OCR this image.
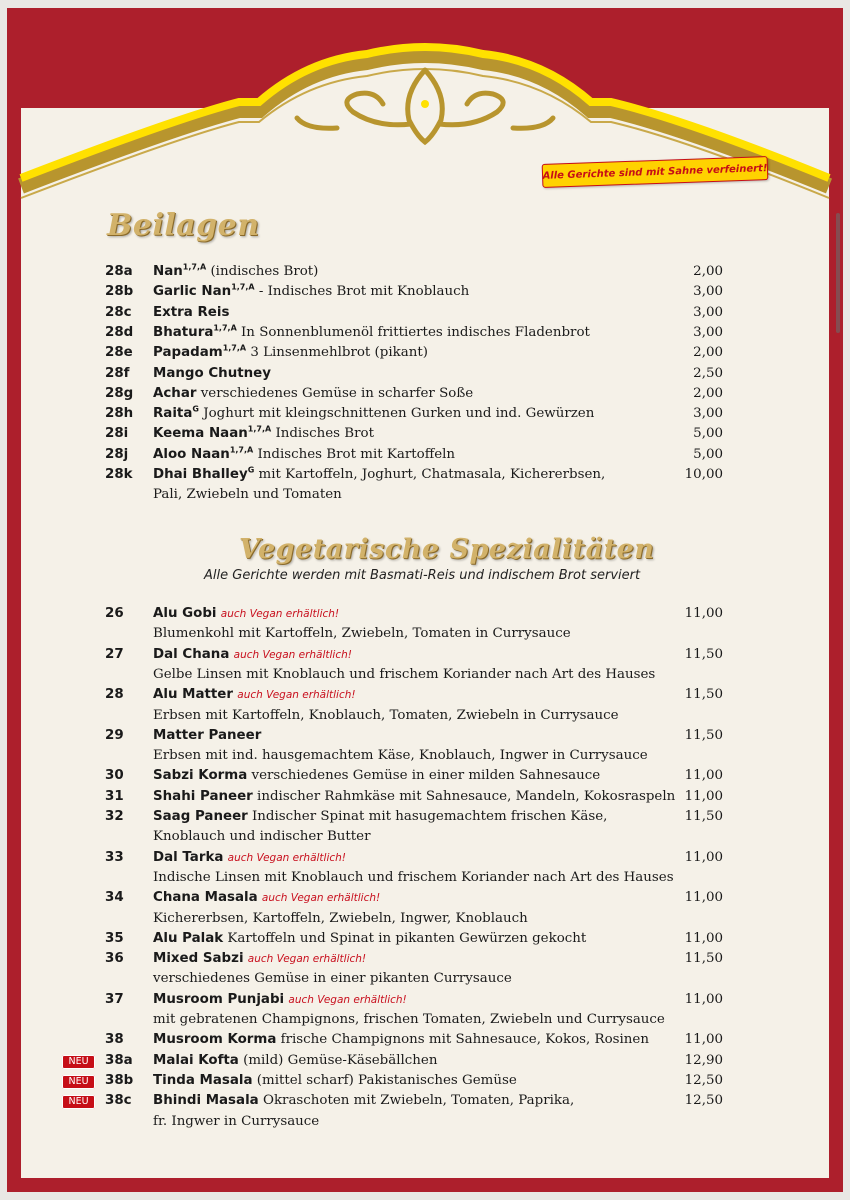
Alle Gerichte sind mit Sahne verfeinert!
Beilagen
28a Nan$^{1,7,A}$ (indisches Brot)	2,00
28b Garlic Nan$^{1,7,A}$ - Indisches Brot mit Knoblauch	3,00
28c Extra Reis	3,00
28d Bhatura$^{1,7,A}$ In Sonnenblumenöl frittiertes indisches Fladenbrot	3,00
28e Papadam$^{1,7,A}$ 3 Linsenmehlbrot (pikant)	2,00
28f Mango Chutney	2,50
28g Achar verschiedenes Gemüse in scharfer Soße	2,00
28h Raita$^G$ Joghurt mit kleingschnittenen Gurken und ind. Gewürzen	3,00
28i Keema Naan$^{1,7,A}$ Indisches Brot	5,00
28j Aloo Naan$^{1,7,A}$ Indisches Brot mit Kartoffeln	5,00
28k Dhai Bhalley$^G$ mit Kartoffeln, Joghurt, Chatmasala, Kichererbsen,	10,00
Pali, Zwiebeln und Tomaten
Vegetarische Spezialitäten
Alle Gerichte werden mit Basmati-Reis und indischem Brot serviert
26 Alu Gobi auch Vegan erhältlich!	11,00
Blumenkohl mit Kartoffeln, Zwiebeln, Tomaten in Currysauce
27 Dal Chana auch Vegan erhältlich!	11,50
Gelbe Linsen mit Knoblauch und frischem Koriander nach Art des Hauses
28 Alu Matter auch Vegan erhältlich!	11,50
Erbsen mit Kartoffeln, Knoblauch, Tomaten, Zwiebeln in Currysauce
29 Matter Paneer	11,50
Erbsen mit ind. hausgemachtem Käse, Knoblauch, Ingwer in Currysauce
30 Sabzi Korma verschiedenes Gemüse in einer milden Sahnesauce	11,00
31 Shahi Paneer indischer Rahmkäse mit Sahnesauce, Mandeln, Kokosraspeln 11,00
32 Saag Paneer Indischer Spinat mit hasugemachtem frischen Käse,	11,50
Knoblauch und indischer Butter
33 Dal Tarka auch Vegan erhältlich!	11,00
Indische Linsen mit Knoblauch und frischem Koriander nach Art des Hauses
34 Chana Masala auch Vegan erhältlich!	11,00
Kichererbsen, Kartoffeln, Zwiebeln, Ingwer, Knoblauch
35 Alu Palak Kartoffeln und Spinat in pikanten Gewürzen gekocht	11,00
36 Mixed Sabzi auch Vegan erhältlich!	11,50
verschiedenes Gemüse in einer pikanten Currysauce
37 Musroom Punjabi auch Vegan erhältlich!	11,00
mit gebratenen Champignons, frischen Tomaten, Zwiebeln und Currysauce
38 Musroom Korma frische Champignons mit Sahnesauce, Kokos, Rosinen	11,00
NEU	38a Malai Kofta (mild) Gemüse-Käsebällchen	12,90
NEU	38b Tinda Masala (mittel scharf) Pakistanisches Gemüse	12,50
NEU	38c Bhindi Masala Okraschoten mit Zwiebeln, Tomaten, Paprika,	12,50
fr. Ingwer in Currysauce
